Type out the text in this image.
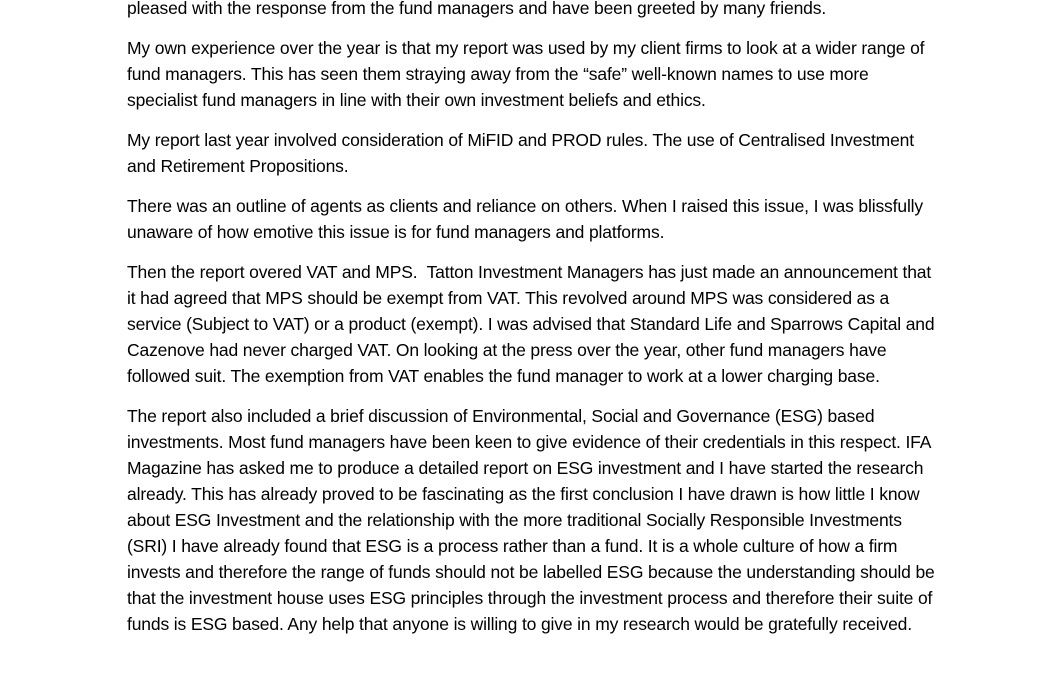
pleased with the response from the fund managers and have been greeted by many friends.

My own experience over the year is that my report was used by my client firms to look at a wider range of fund managers. This has seen them straying away from the “safe” well-known names to use more specialist fund managers in line with their own investment beliefs and ethics.

My report last year involved consideration of MiFID and PROD rules. The use of Centralised Investment and Retirement Propositions.

There was an outline of agents as clients and reliance on others. When I raised this issue, I was blissfully unaware of how emotive this issue is for fund managers and platforms.

Then the report overed VAT and MPS.  Tatton Investment Managers has just made an announcement that it had agreed that MPS should be exempt from VAT. This revolved around MPS was considered as a service (Subject to VAT) or a product (exempt). I was advised that Standard Life and Sparrows Capital and Cazenove had never charged VAT. On looking at the press over the year, other fund managers have followed suit. The exemption from VAT enables the fund manager to work at a lower charging base.

The report also included a brief discussion of Environmental, Social and Governance (ESG) based investments. Most fund managers have been keen to give evidence of their credentials in this respect. IFA Magazine has asked me to produce a detailed report on ESG investment and I have started the research already. This has already proved to be fascinating as the first conclusion I have drawn is how little I know about ESG Investment and the relationship with the more traditional Socially Responsible Investments (SRI) I have already found that ESG is a process rather than a fund. It is a whole culture of how a firm invests and therefore the range of funds should not be labelled ESG because the understanding should be that the investment house uses ESG principles through the investment process and therefore their suite of funds is ESG based. Any help that anyone is willing to give in my research would be gratefully received.
